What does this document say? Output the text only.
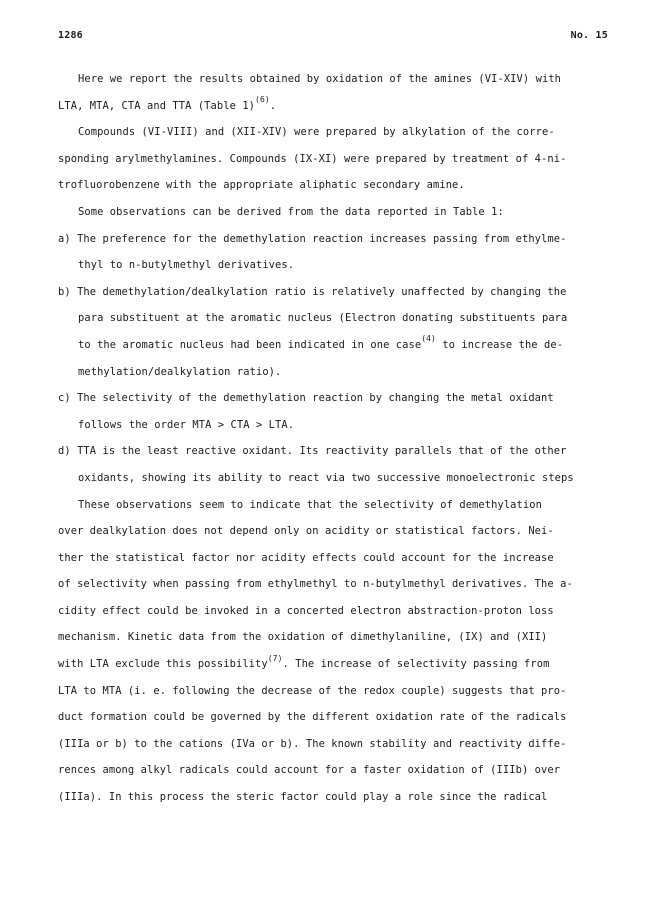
1286	No. 15
Here we report the results obtained by oxidation of the amines (VI-XIV) with
LTA, MTA, CTA and TTA (Table 1)$^{(6)}$.
Compounds (VI-VIII) and (XII-XIV) were prepared by alkylation of the corre-
sponding arylmethylamines. Compounds (IX-XI) were prepared by treatment of 4-ni-
trofluorobenzene with the appropriate aliphatic secondary amine.
Some observations can be derived from the data reported in Table 1:
a) The preference for the demethylation reaction increases passing from ethylme-
thyl to n-butylmethyl derivatives.
b) The demethylation/dealkylation ratio is relatively unaffected by changing the
para substituent at the aromatic nucleus (Electron donating substituents para
to the aromatic nucleus had been indicated in one case$^{(4)}$ to increase the de-
methylation/dealkylation ratio).
c) The selectivity of the demethylation reaction by changing the metal oxidant
follows the order MTA > CTA > LTA.
d) TTA is the least reactive oxidant. Its reactivity parallels that of the other
oxidants, showing its ability to react via two successive monoelectronic steps
These observations seem to indicate that the selectivity of demethylation
over dealkylation does not depend only on acidity or statistical factors. Nei-
ther the statistical factor nor acidity effects could account for the increase
of selectivity when passing from ethylmethyl to n-butylmethyl derivatives. The a-
cidity effect could be invoked in a concerted electron abstraction-proton loss
mechanism. Kinetic data from the oxidation of dimethylaniline, (IX) and (XII)
with LTA exclude this possibility$^{(7)}$. The increase of selectivity passing from
LTA to MTA (i. e. following the decrease of the redox couple) suggests that pro-
duct formation could be governed by the different oxidation rate of the radicals
(IIIa or b) to the cations (IVa or b). The known stability and reactivity diffe-
rences among alkyl radicals could account for a faster oxidation of (IIIb) over
(IIIa). In this process the steric factor could play a role since the radical
